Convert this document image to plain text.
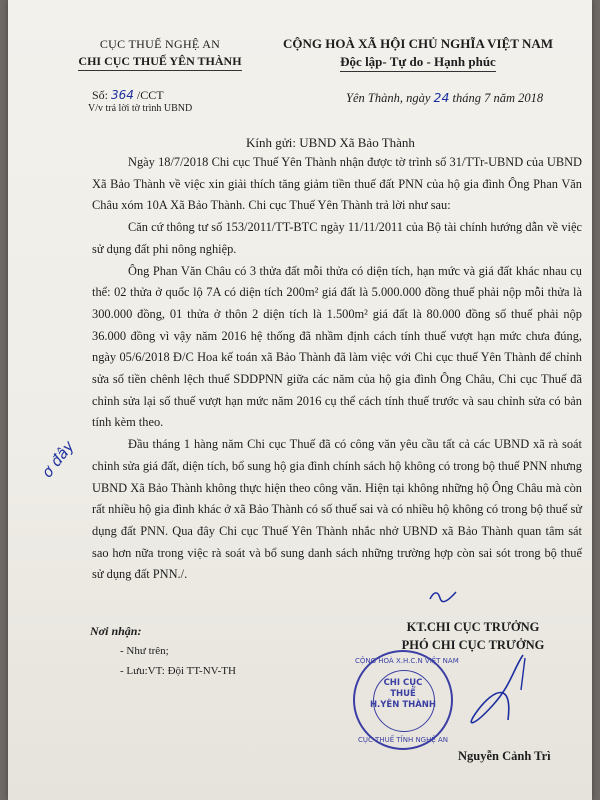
CỤC THUẾ NGHỆ AN
CHI CỤC THUẾ YÊN THÀNH
CỘNG HOÀ XÃ HỘI CHỦ NGHĨA VIỆT NAM
Độc lập- Tự do - Hạnh phúc
Số: 364 /CCT
V/v trả lời tờ trình UBND
Yên Thành, ngày 24 tháng 7 năm 2018
Kính gửi: UBND Xã Bảo Thành

Ngày 18/7/2018 Chi cục Thuế Yên Thành nhận được tờ trình số 31/TTr-UBND của UBND Xã Bảo Thành về việc xin giải thích tăng giảm tiền thuế đất PNN của hộ gia đình Ông Phan Văn Châu xóm 10A Xã Bảo Thành. Chi cục Thuế Yên Thành trả lời như sau:

Căn cứ thông tư số 153/2011/TT-BTC ngày 11/11/2011 của Bộ tài chính hướng dẫn về việc sử dụng đất phi nông nghiệp.

Ông Phan Văn Châu có 3 thửa đất mỗi thửa có diện tích, hạn mức và giá đất khác nhau cụ thể: 02 thửa ở quốc lộ 7A có diện tích 200m² giá đất là 5.000.000 đồng thuế phải nộp mỗi thửa là 300.000 đồng, 01 thửa ở thôn 2 diện tích là 1.500m² giá đất là 80.000 đồng số thuế phải nộp 36.000 đồng vì vậy năm 2016 hệ thống đã nhầm định cách tính thuế vượt hạn mức chưa đúng, ngày 05/6/2018 Đ/C Hoa kế toán xã Bảo Thành đã làm việc với Chi cục thuế Yên Thành để chỉnh sửa số tiền chênh lệch thuế SDDPNN giữa các năm của hộ gia đình Ông Châu, Chi cục Thuế đã chỉnh sửa lại số thuế vượt hạn mức năm 2016 cụ thể cách tính thuế trước và sau chỉnh sửa có bản tính kèm theo.

Đầu tháng 1 hàng năm Chi cục Thuế đã có công văn yêu cầu tất cả các UBND xã rà soát chỉnh sửa giá đất, diện tích, bổ sung hộ gia đình chính sách hộ không có trong bộ thuế PNN nhưng UBND Xã Bảo Thành không thực hiện theo công văn. Hiện tại không những hộ Ông Châu mà còn rất nhiều hộ gia đình khác ở xã Bảo Thành có số thuế sai và có nhiều hộ không có trong bộ thuế sử dụng đất PNN. Qua đây Chi cục Thuế Yên Thành nhắc nhở UBND xã Bảo Thành quan tâm sát sao hơn nữa trong việc rà soát và bổ sung danh sách những trường hợp còn sai sót trong bộ thuế sử dụng đất PNN./.

ơ đây
Nơi nhận:
- Như trên;
- Lưu:VT: Đội TT-NV-TH
KT.CHI CỤC TRƯỞNG
PHÓ CHI CỤC TRƯỞNG
CỘNG HOÀ X.H.C.N VIỆT NAM
CHI CỤC
THUẾ
H.YÊN THÀNH
CỤC THUẾ TỈNH NGHỆ AN
Nguyễn Cảnh Trì
